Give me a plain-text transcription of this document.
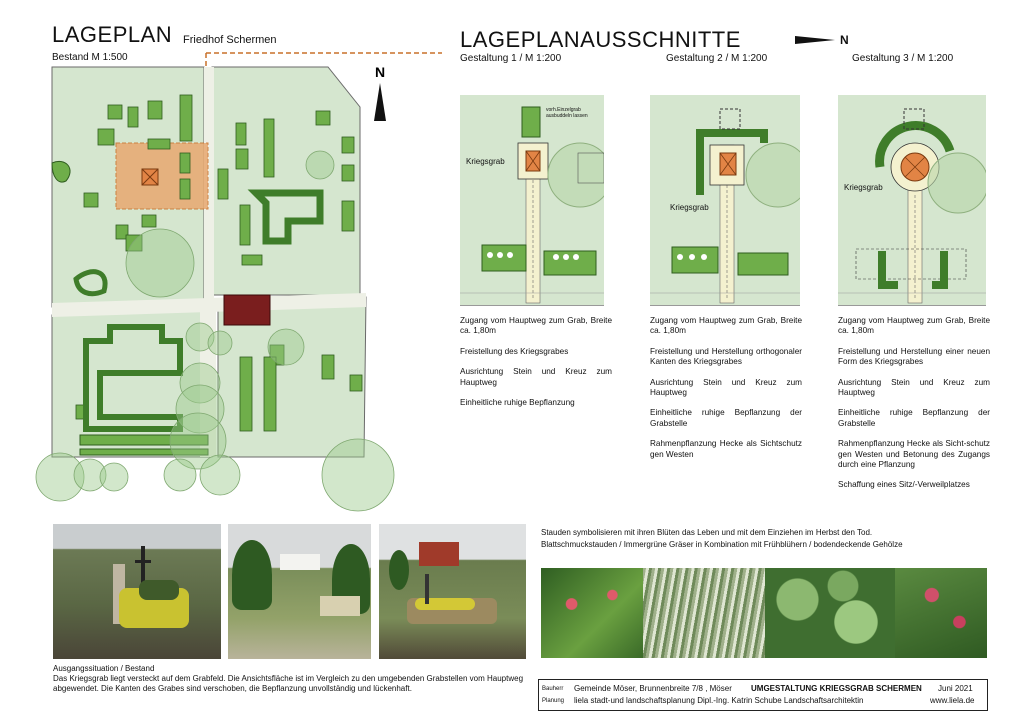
LAGEPLAN Friedhof Schermen
Bestand M 1:500
N
LAGEPLANAUSSCHNITTE	N
Gestaltung 1 / M 1:200	Gestaltung 2 / M 1:200	Gestaltung 3 / M 1:200
Kriegsgrab
vorh.Einzelgrab ausbuddeln lassen
Kriegsgrab
Kriegsgrab

Zugang vom Hauptweg zum Grab, Breite ca. 1,80m

Freistellung des Kriegsgrabes

Ausrichtung Stein und Kreuz zum Hauptweg

Einheitliche ruhige Bepflanzung

Zugang vom Hauptweg zum Grab, Breite ca. 1,80m

Freistellung und Herstellung orthogonaler Kanten des Kriegsgrabes

Ausrichtung Stein und Kreuz zum Hauptweg

Einheitliche ruhige Bepflanzung der Grabstelle

Rahmenpflanzung Hecke als Sichtschutz gen Westen

Zugang vom Hauptweg zum Grab, Breite ca. 1,80m

Freistellung und Herstellung einer neuen Form des Kriegsgrabes

Ausrichtung Stein und Kreuz zum Hauptweg

Einheitliche ruhige Bepflanzung der Grabstelle

Rahmenpflanzung Hecke als Sicht-schutz gen Westen und Betonung des Zugangs durch eine Pflanzung

Schaffung eines Sitz/-Verweilplatzes

Ausgangssituation / Bestand
Das Kriegsgrab liegt versteckt auf dem Grabfeld. Die Ansichtsfläche ist im Vergleich zu den umgebenden Grabstellen vom Hauptweg abgewendet. Die Kanten des Grabes sind verschoben, die Bepflanzung unvollständig und lückenhaft.
Stauden symbolisieren mit ihren Blüten das Leben und mit dem Einziehen im Herbst den Tod.
Blattschmuckstauden / Immergrüne Gräser in Kombination mit Frühblühern / bodendeckende Gehölze
Bauherr Gemeinde Möser, Brunnenbreite 7/8 , Möser UMGESTALTUNG KRIEGSGRAB SCHERMEN Juni 2021
Planung liela stadt-und landschaftsplanung Dipl.-Ing. Katrin Schube Landschaftsarchitektin	www.liela.de
